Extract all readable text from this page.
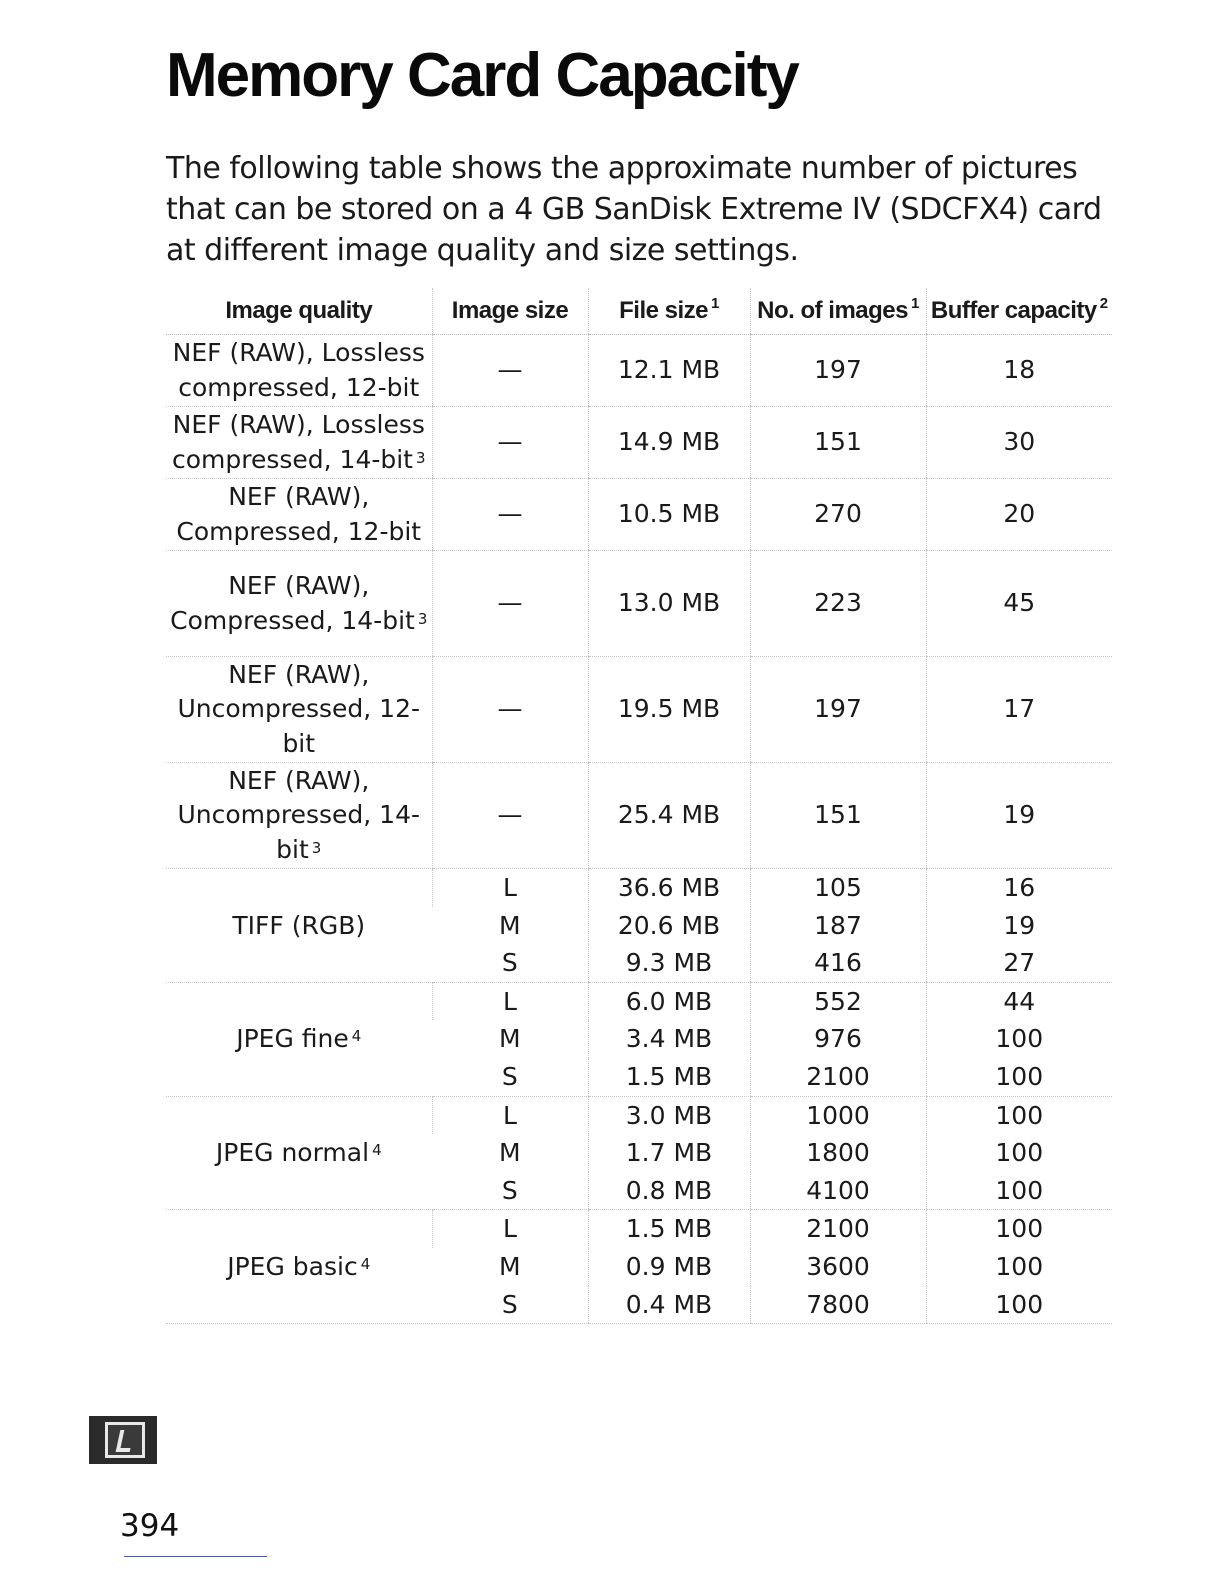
Memory Card Capacity

The following table shows the approximate number of pictures that can be stored on a 4 GB SanDisk Extreme IV (SDCFX4) card at different image quality and size settings.

Image quality	Image size	File size $^1$	No. of images $^1$	Buffer capacity $^2$
NEF (RAW), Lossless compressed, 12-bit	—	12.1 MB	197	18
NEF (RAW), Lossless compressed, 14-bit $^3$	—	14.9 MB	151	30
NEF (RAW), Compressed, 12-bit	—	10.5 MB	270	20
NEF (RAW), Compressed, 14-bit $^3$	—	13.0 MB	223	45
NEF (RAW), Uncompressed, 12-bit	—	19.5 MB	197	17
NEF (RAW), Uncompressed, 14-bit $^3$	—	25.4 MB	151	19
TIFF (RGB)	L	36.6 MB	105	16
	M	20.6 MB	187	19
	S	9.3 MB	416	27
JPEG fine $^4$	L	6.0 MB	552	44
	M	3.4 MB	976	100
	S	1.5 MB	2100	100
JPEG normal $^4$	L	3.0 MB	1000	100
	M	1.7 MB	1800	100
	S	0.8 MB	4100	100
JPEG basic $^4$	L	1.5 MB	2100	100
	M	0.9 MB	3600	100
	S	0.4 MB	7800	100
394
